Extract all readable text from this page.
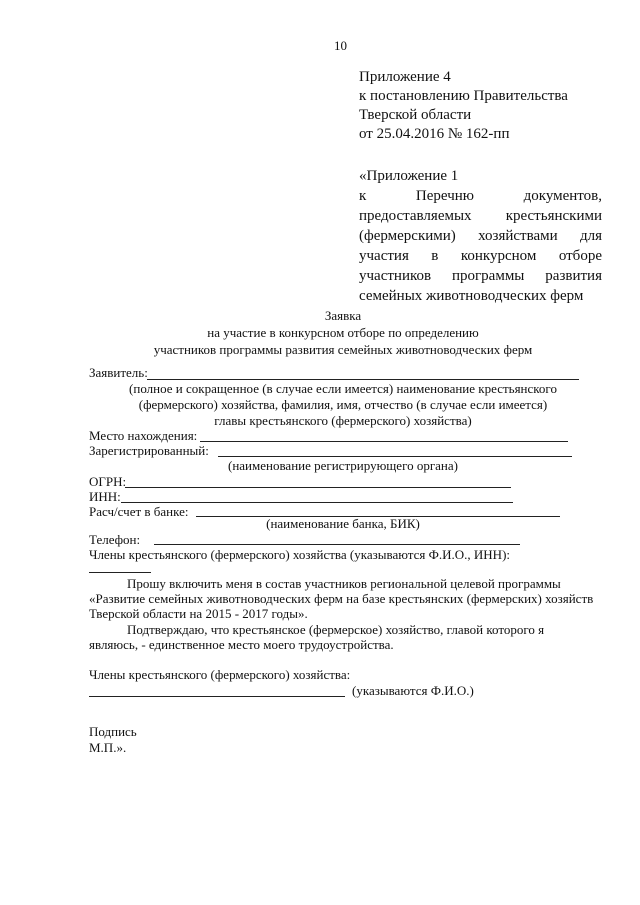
10
Приложение 4
к постановлению Правительства
Тверской области
от 25.04.2016 № 162-пп
«Приложение 1
к	Перечню	документов,
предоставляемых крестьянскими
(фермерскими) хозяйствами для
участия в конкурсном отборе
участников программы развития
семейных животноводческих ферм
Заявка
на участие в конкурсном отборе по определению
участников программы развития семейных животноводческих ферм
Заявитель:
(полное и сокращенное (в случае если имеется) наименование крестьянского
(фермерского) хозяйства, фамилия, имя, отчество (в случае если имеется)
главы крестьянского (фермерского) хозяйства)
Место нахождения:
Зарегистрированный:
(наименование регистрирующего органа)
ОГРН:
ИНН:
Расч/счет в банке:
(наименование банка, БИК)
Телефон:
Члены крестьянского (фермерского) хозяйства (указываются Ф.И.О., ИНН):
Прошу включить меня в состав участников региональной целевой программы
«Развитие семейных животноводческих ферм на базе крестьянских (фермерских) хозяйств
Тверской области на 2015 - 2017 годы».
Подтверждаю, что крестьянское (фермерское) хозяйство, главой которого я
являюсь, - единственное место моего трудоустройства.
Члены крестьянского (фермерского) хозяйства:
(указываются Ф.И.О.)
Подпись
М.П.».
